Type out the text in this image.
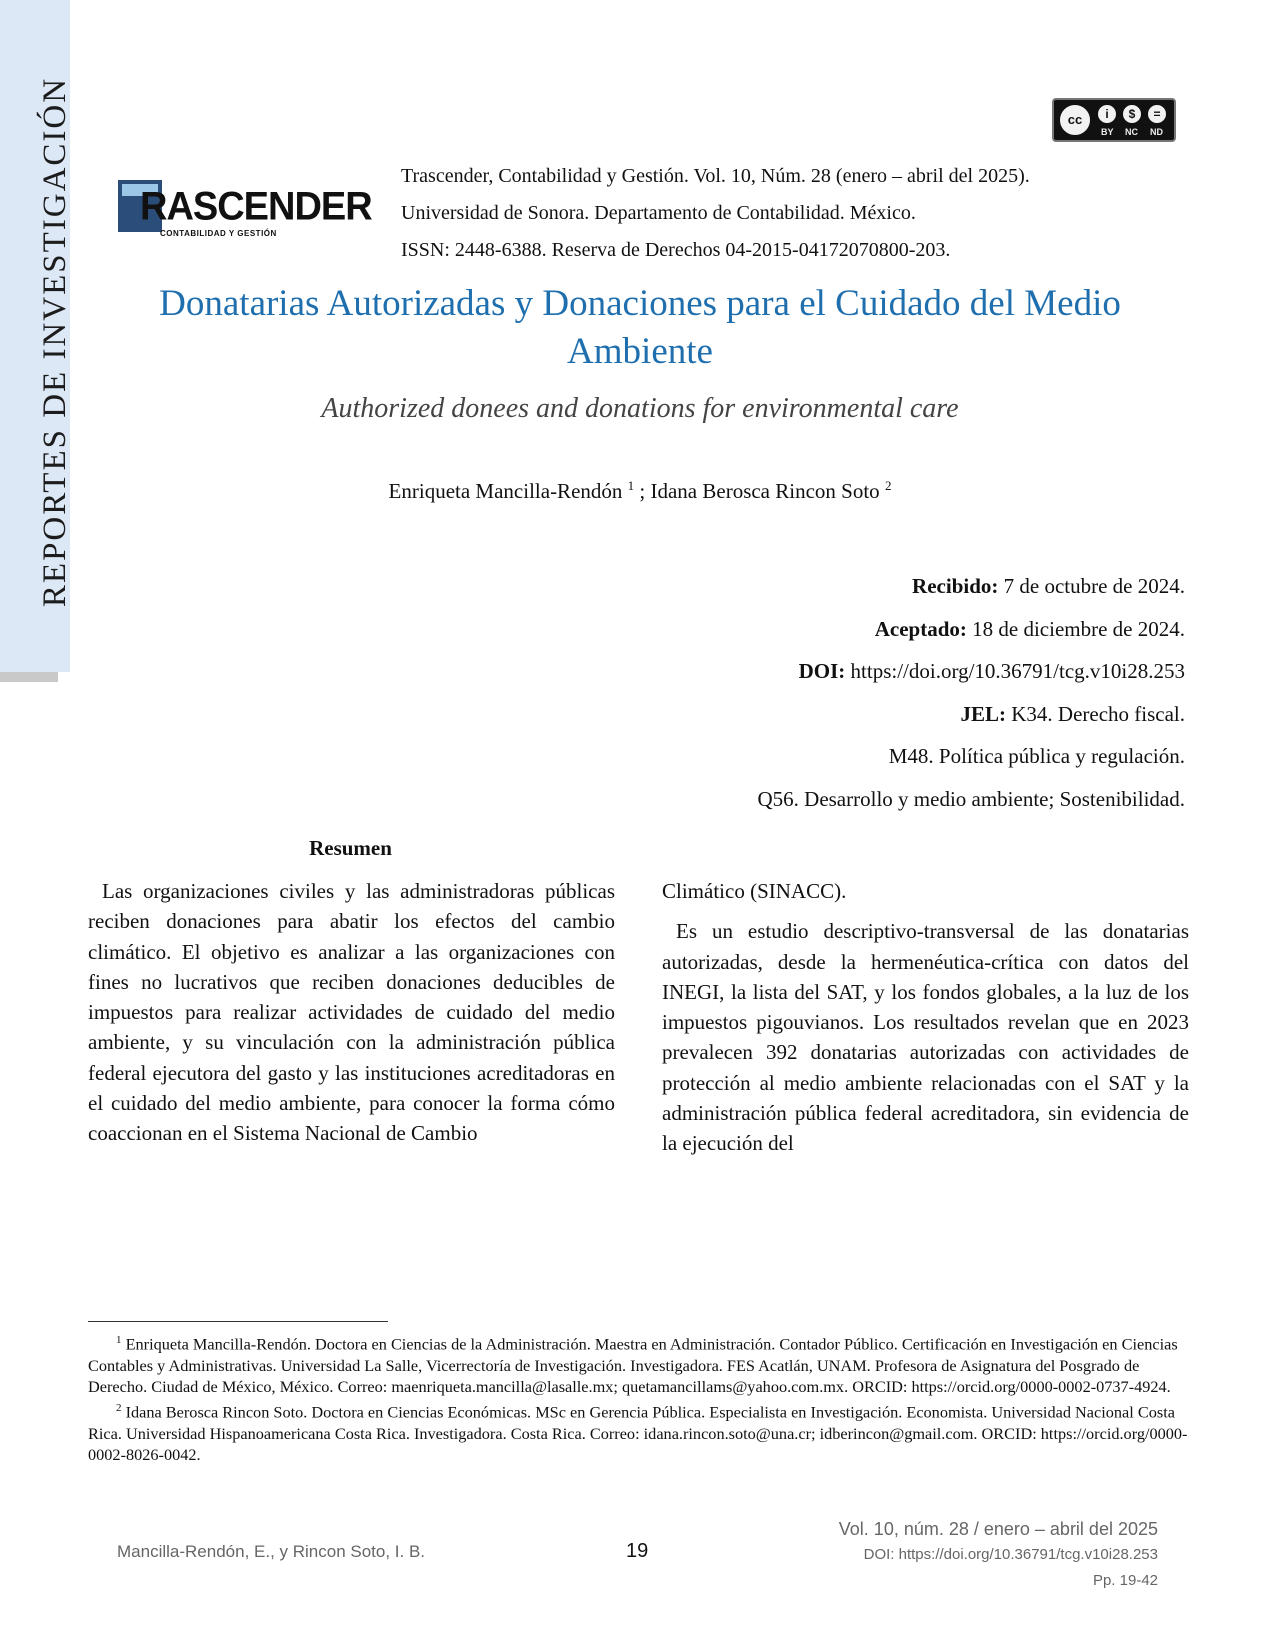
REPORTES DE INVESTIGACIÓN	cc	i	$	=
BY NC ND
RASCENDER
CONTABILIDAD Y GESTIÓN
Trascender, Contabilidad y Gestión. Vol. 10, Núm. 28 (enero – abril del 2025).
Universidad de Sonora. Departamento de Contabilidad. México.
ISSN: 2448-6388. Reserva de Derechos 04-2015-04172070800-203.
Donatarias Autorizadas y Donaciones para el Cuidado del Medio
Ambiente
Authorized donees and donations for environmental care
Enriqueta Mancilla-Rendón $^1$ ; Idana Berosca Rincon Soto $^2$
Recibido: 7 de octubre de 2024.
Aceptado: 18 de diciembre de 2024.
DOI: https://doi.org/10.36791/tcg.v10i28.253
JEL: K34. Derecho fiscal.
M48. Política pública y regulación.
Q56. Desarrollo y medio ambiente; Sostenibilidad.
Resumen

Las organizaciones civiles y las administradoras públicas reciben donaciones para abatir los efectos del cambio climático. El objetivo es analizar a las organizaciones con fines no lucrativos que reciben donaciones deducibles de impuestos para realizar actividades de cuidado del medio ambiente, y su vinculación con la administración pública federal ejecutora del gasto y las instituciones acreditadoras en el cuidado del medio ambiente, para conocer la forma cómo coaccionan en el Sistema Nacional de Cambio

Climático (SINACC).

Es un estudio descriptivo-transversal de las donatarias autorizadas, desde la hermenéutica-crítica con datos del INEGI, la lista del SAT, y los fondos globales, a la luz de los impuestos pigouvianos. Los resultados revelan que en 2023 prevalecen 392 donatarias autorizadas con actividades de protección al medio ambiente relacionadas con el SAT y la administración pública federal acreditadora, sin evidencia de la ejecución del

$^1$ Enriqueta Mancilla-Rendón. Doctora en Ciencias de la Administración. Maestra en Administración. Contador Público. Certificación en Investigación en Ciencias Contables y Administrativas. Universidad La Salle, Vicerrectoría de Investigación. Investigadora. FES Acatlán, UNAM. Profesora de Asignatura del Posgrado de Derecho. Ciudad de México, México. Correo: maenriqueta.mancilla@lasalle.mx; quetamancillams@yahoo.com.mx. ORCID: https://orcid.org/0000-0002-0737-4924.

$^2$ Idana Berosca Rincon Soto. Doctora en Ciencias Económicas. MSc en Gerencia Pública. Especialista en Investigación. Economista. Universidad Nacional Costa Rica. Universidad Hispanoamericana Costa Rica. Investigadora. Costa Rica. Correo: idana.rincon.soto@una.cr; idberincon@gmail.com. ORCID: https://orcid.org/0000-0002-8026-0042.

Mancilla-Rendón, E., y Rincon Soto, I. B.	19
Vol. 10, núm. 28 / enero – abril del 2025
DOI: https://doi.org/10.36791/tcg.v10i28.253
Pp. 19-42
